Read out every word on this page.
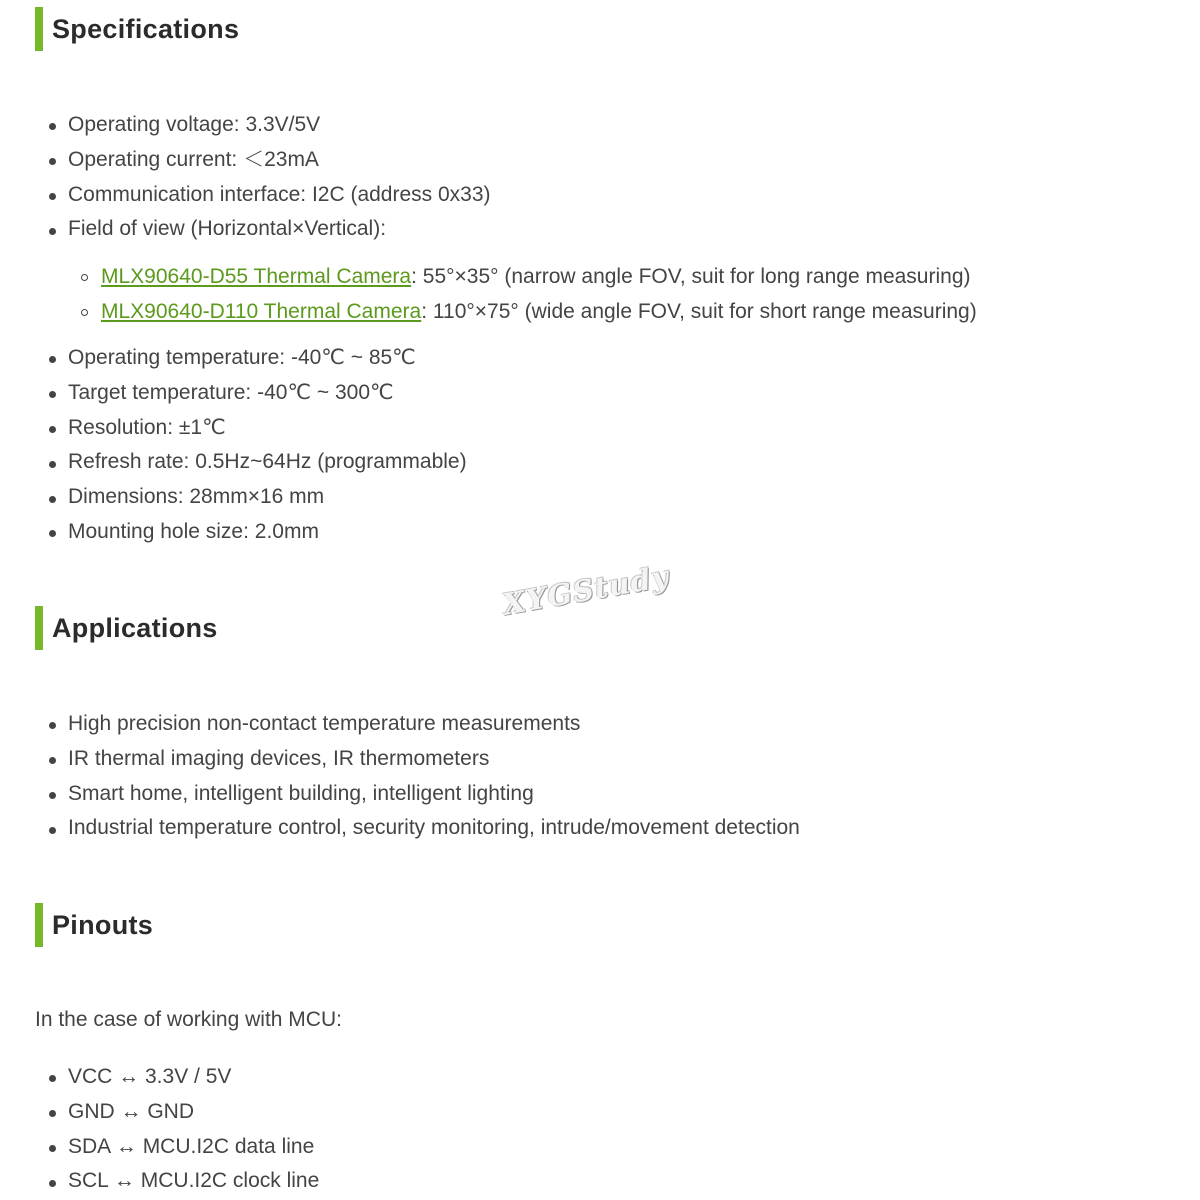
Specifications
Operating voltage: 3.3V/5V
Operating current: ＜23mA
Communication interface: I2C (address 0x33)
Field of view (Horizontal×Vertical):
MLX90640-D55 Thermal Camera: 55°×35° (narrow angle FOV, suit for long range measuring)
MLX90640-D110 Thermal Camera: 110°×75° (wide angle FOV, suit for short range measuring)
Operating temperature: -40℃ ~ 85℃
Target temperature: -40℃ ~ 300℃
Resolution: ±1℃
Refresh rate: 0.5Hz~64Hz (programmable)
Dimensions: 28mm×16 mm
Mounting hole size: 2.0mm
Applications
XYGStudy
High precision non-contact temperature measurements
IR thermal imaging devices, IR thermometers
Smart home, intelligent building, intelligent lighting
Industrial temperature control, security monitoring, intrude/movement detection
Pinouts
In the case of working with MCU:
VCC ↔ 3.3V / 5V
GND ↔ GND
SDA ↔ MCU.I2C data line
SCL ↔ MCU.I2C clock line
